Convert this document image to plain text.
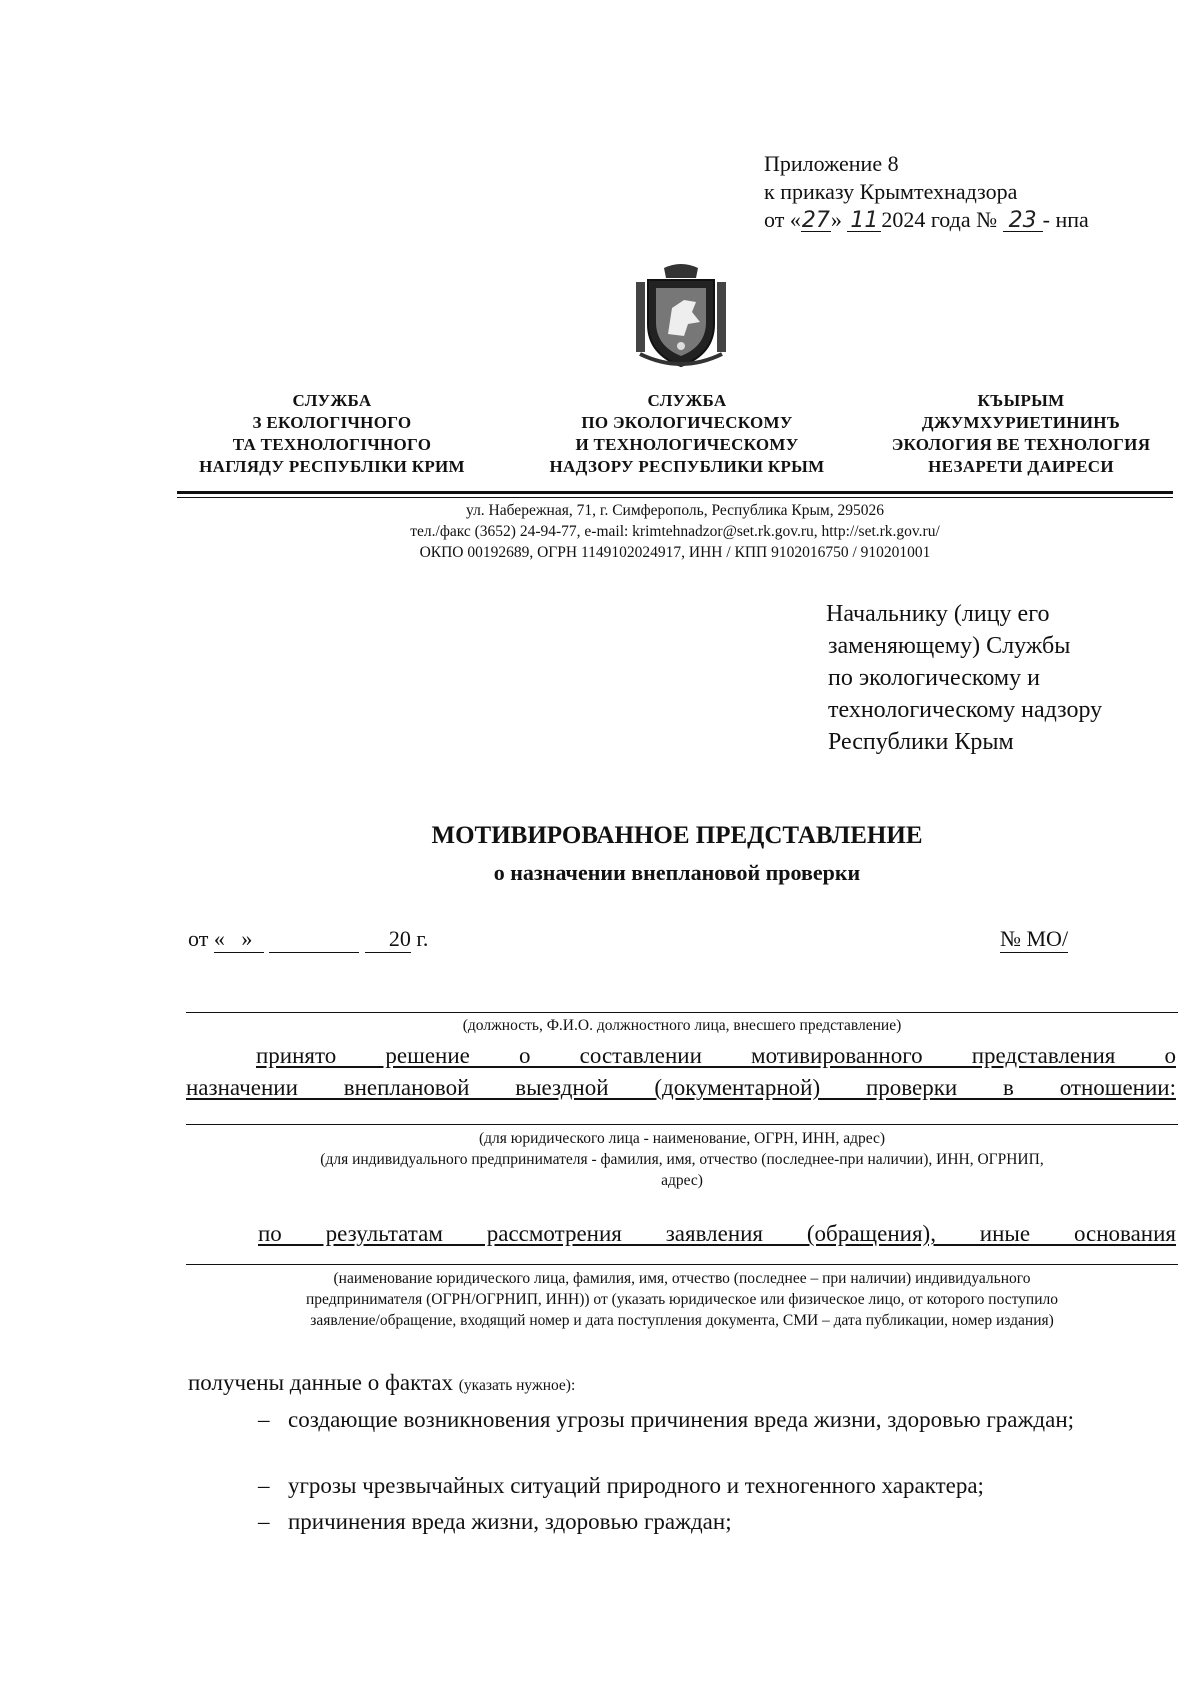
Приложение 8
к приказу Крымтехнадзора
от «27» 11 2024 года № 23 - нпа
СЛУЖБА
З ЕКОЛОГІЧНОГО
ТА ТЕХНОЛОГІЧНОГО
НАГЛЯДУ РЕСПУБЛІКИ КРИМ
СЛУЖБА
ПО ЭКОЛОГИЧЕСКОМУ
И ТЕХНОЛОГИЧЕСКОМУ
НАДЗОРУ РЕСПУБЛИКИ КРЫМ
КЪЫРЫМ
ДЖУМХУРИЕТИНИНЪ
ЭКОЛОГИЯ ВЕ ТЕХНОЛОГИЯ
НЕЗАРЕТИ ДАИРЕСИ
ул. Набережная, 71, г. Симферополь, Республика Крым, 295026
тел./факс (3652) 24-94-77, e-mail: krimtehnadzor@set.rk.gov.ru, http://set.rk.gov.ru/
ОКПО 00192689, ОГРН 1149102024917, ИНН / КПП 9102016750 / 910201001
Начальнику (лицу его
заменяющему) Службы
по экологическому и
технологическому надзору
Республики Крым
МОТИВИРОВАННОЕ ПРЕДСТАВЛЕНИЕ
о назначении внеплановой проверки
от «   »	20 г.	№ МО/
(должность, Ф.И.О. должностного лица, внесшего представление)
принято решение о составлении мотивированного представления о
назначении внеплановой выездной (документарной) проверки в отношении:
(для юридического лица - наименование, ОГРН, ИНН, адрес)
(для индивидуального предпринимателя - фамилия, имя, отчество (последнее-при наличии), ИНН, ОГРНИП,
адрес)
по результатам рассмотрения заявления (обращения), иные основания
(наименование юридического лица, фамилия, имя, отчество (последнее – при наличии) индивидуального
предпринимателя (ОГРН/ОГРНИП, ИНН)) от (указать юридическое или физическое лицо, от которого поступило
заявление/обращение, входящий номер и дата поступления документа, СМИ – дата публикации, номер издания)
получены данные о фактах (указать нужное):
– создающие возникновения угрозы причинения вреда жизни, здоровью граждан;
– угрозы чрезвычайных ситуаций природного и техногенного характера;
– причинения вреда жизни, здоровью граждан;
